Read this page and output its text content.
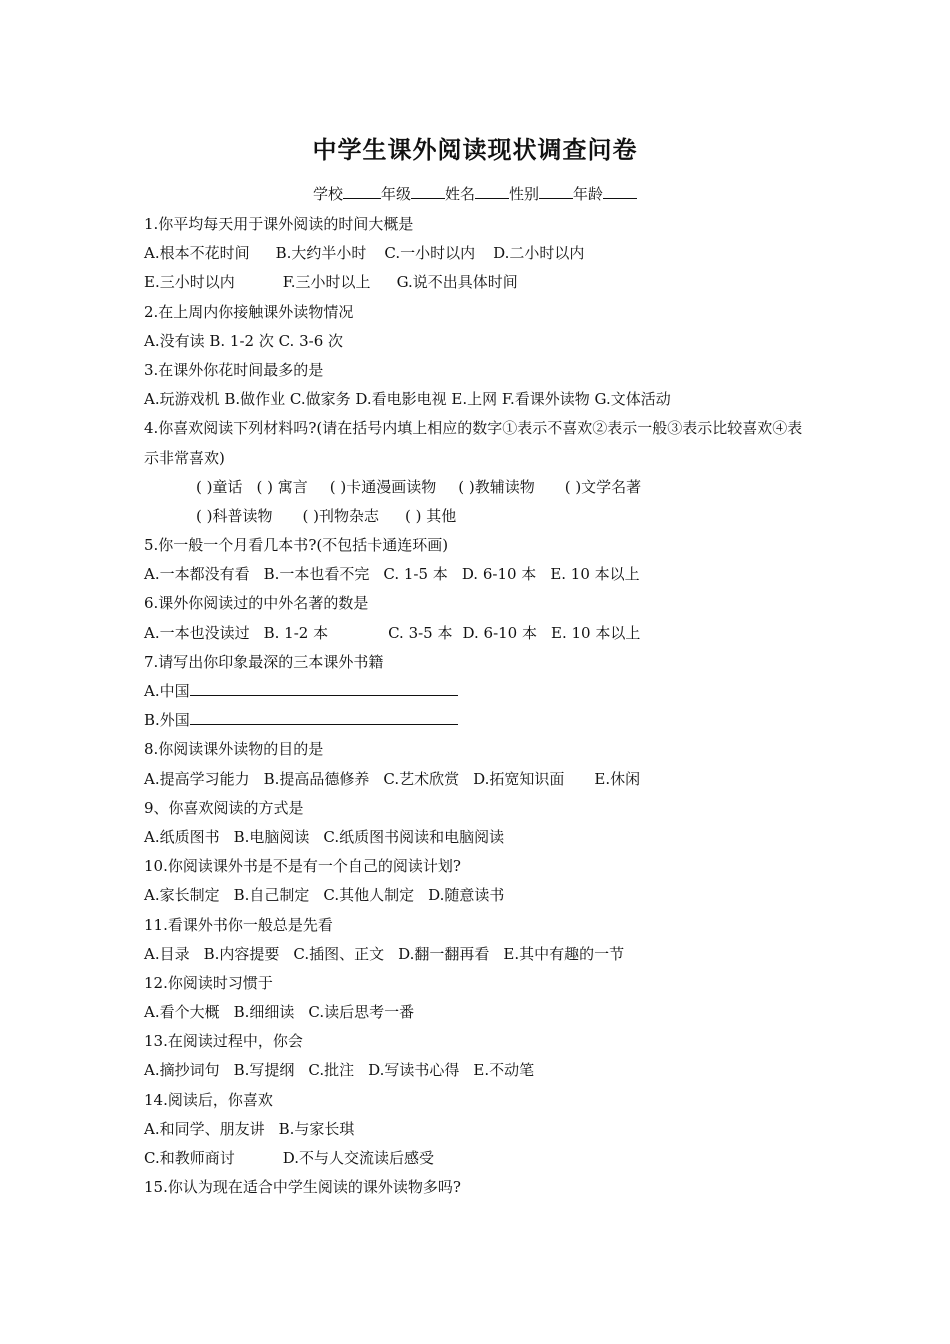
中学生课外阅读现状调查问卷
学校	年级 姓名 性别 年龄
1.你平均每天用于课外阅读的时间大概是
A.根本不花时间 B.大约半小时 C.一小时以内 D.二小时以内
E.三小时以内	F.三小时以上 G.说不出具体时间
2.在上周内你接触课外读物情况
A.没有读 B. 1-2 次 C. 3-6 次
3.在课外你花时间最多的是
A.玩游戏机 B.做作业 C.做家务 D.看电影电视 E.上网 F.看课外读物 G.文体活动
4.你喜欢阅读下列材料吗?(请在括号内填上相应的数字①表示不喜欢②表示一般③表示比较喜欢④表示非常喜欢)
( )童话 ( ) 寓言 ( )卡通漫画读物 ( )教辅读物 ( )文学名著
( )科普读物 ( )刊物杂志 ( ) 其他
5.你一般一个月看几本书?(不包括卡通连环画)
A.一本都没有看 B.一本也看不完 C. 1-5 本 D. 6-10 本 E. 10 本以上
6.课外你阅读过的中外名著的数是
A.一本也没读过 B. 1-2 本	C. 3-5 本 D. 6-10 本 E. 10 本以上
7.请写出你印象最深的三本课外书籍
A.中国
B.外国
8.你阅读课外读物的目的是
A.提高学习能力 B.提高品德修养 C.艺术欣赏 D.拓宽知识面 E.休闲
9、你喜欢阅读的方式是
A.纸质图书 B.电脑阅读 C.纸质图书阅读和电脑阅读
10.你阅读课外书是不是有一个自己的阅读计划?
A.家长制定 B.自己制定 C.其他人制定 D.随意读书
11.看课外书你一般总是先看
A.目录 B.内容提要 C.插图、正文 D.翻一翻再看 E.其中有趣的一节
12.你阅读时习惯于
A.看个大概 B.细细读 C.读后思考一番
13.在阅读过程中，你会
A.摘抄词句 B.写提纲 C.批注 D.写读书心得 E.不动笔
14.阅读后，你喜欢
A.和同学、朋友讲 B.与家长琪
C.和教师商讨	D.不与人交流读后感受
15.你认为现在适合中学生阅读的课外读物多吗?
